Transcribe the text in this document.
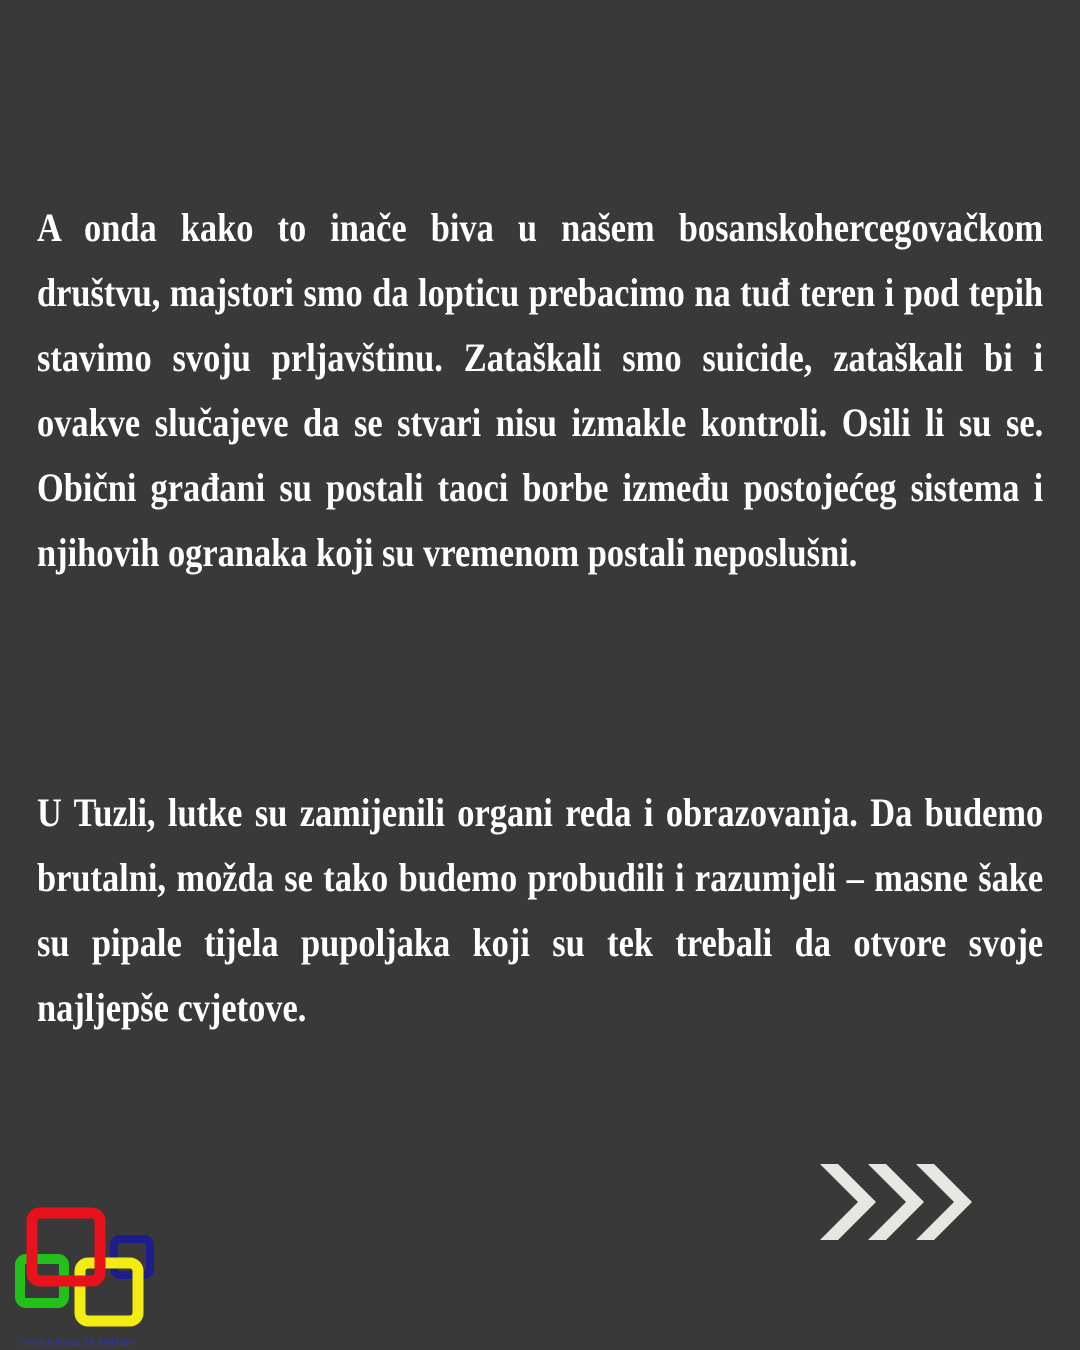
A onda kako to inače biva u našem bosanskohercegovačkom društvu, majstori smo da lopticu prebacimo na tuđ teren i pod tepih stavimo svoju prljavštinu. Zataškali smo suicide, zataškali bi i ovakve slučajeve da se stvari nisu izmakle kontroli. Osili li su se. Obični građani su postali taoci borbe između postojećeg sistema i njihovih ogranaka koji su vremenom postali neposlušni.

U Tuzli, lutke su zamijenili organi reda i obrazovanja. Da budemo brutalni, možda se tako budemo probudili i razumjeli – masne šake su pipale tijela pupoljaka koji su tek trebali da otvore svoje najljepše cvjetove.

Visoka škola za turizam
